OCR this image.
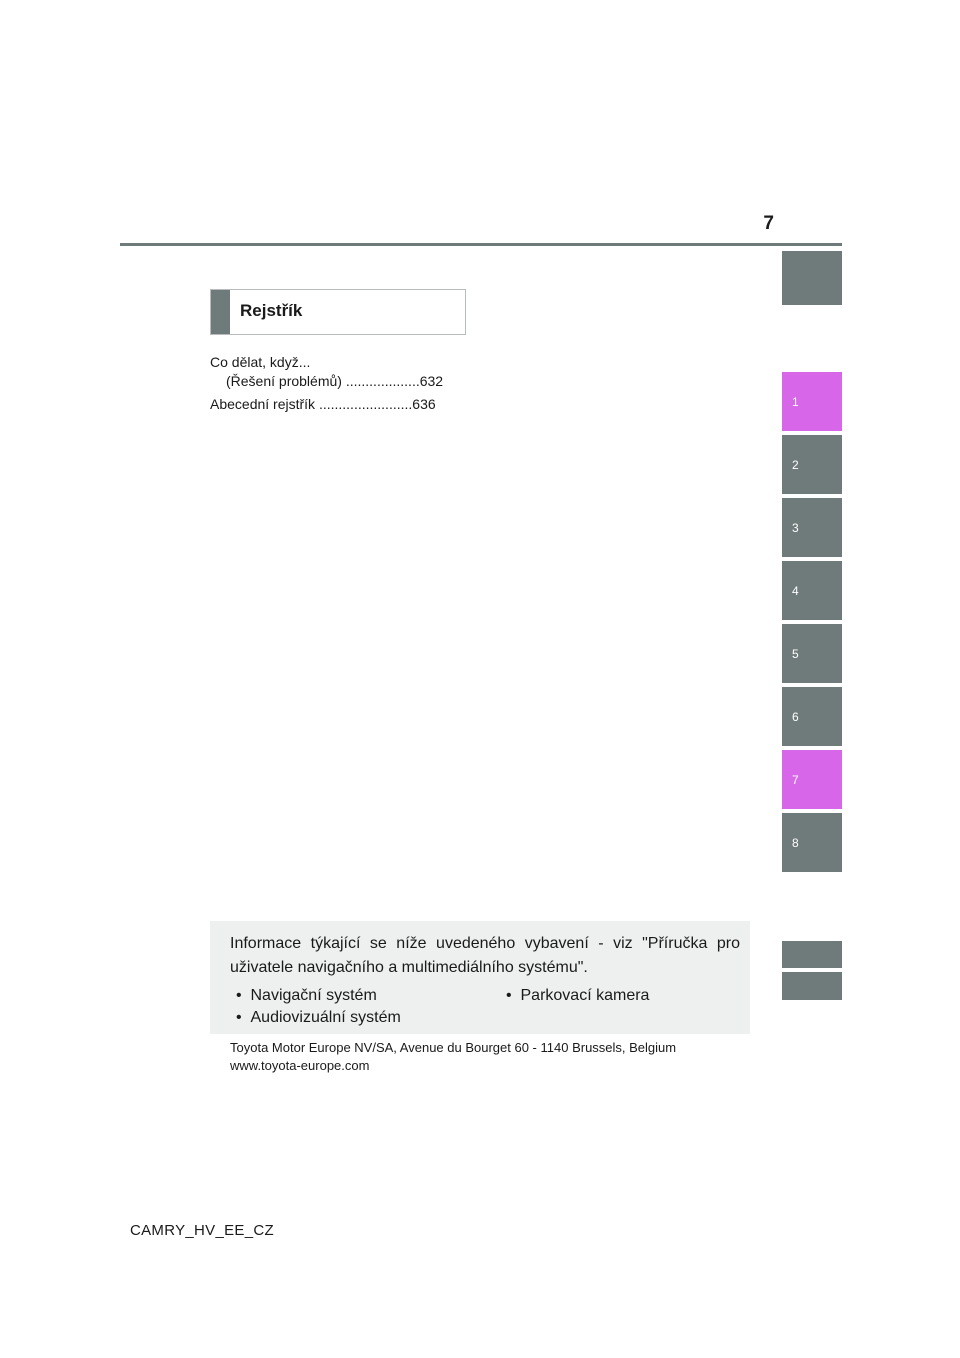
7
1
2
3
4
5
6
7
8
Rejstřík
Co dělat, když...
(Řešení problémů) ...................632
Abecední rejstřík ........................636
Informace týkající se níže uvedeného vybavení - viz "Příručka pro uživatele navigačního a multimediálního systému".
•  Navigační systém	•  Parkovací kamera
•  Audiovizuální systém
Toyota Motor Europe NV/SA, Avenue du Bourget 60 - 1140 Brussels, Belgium
www.toyota-europe.com
CAMRY_HV_EE_CZ
